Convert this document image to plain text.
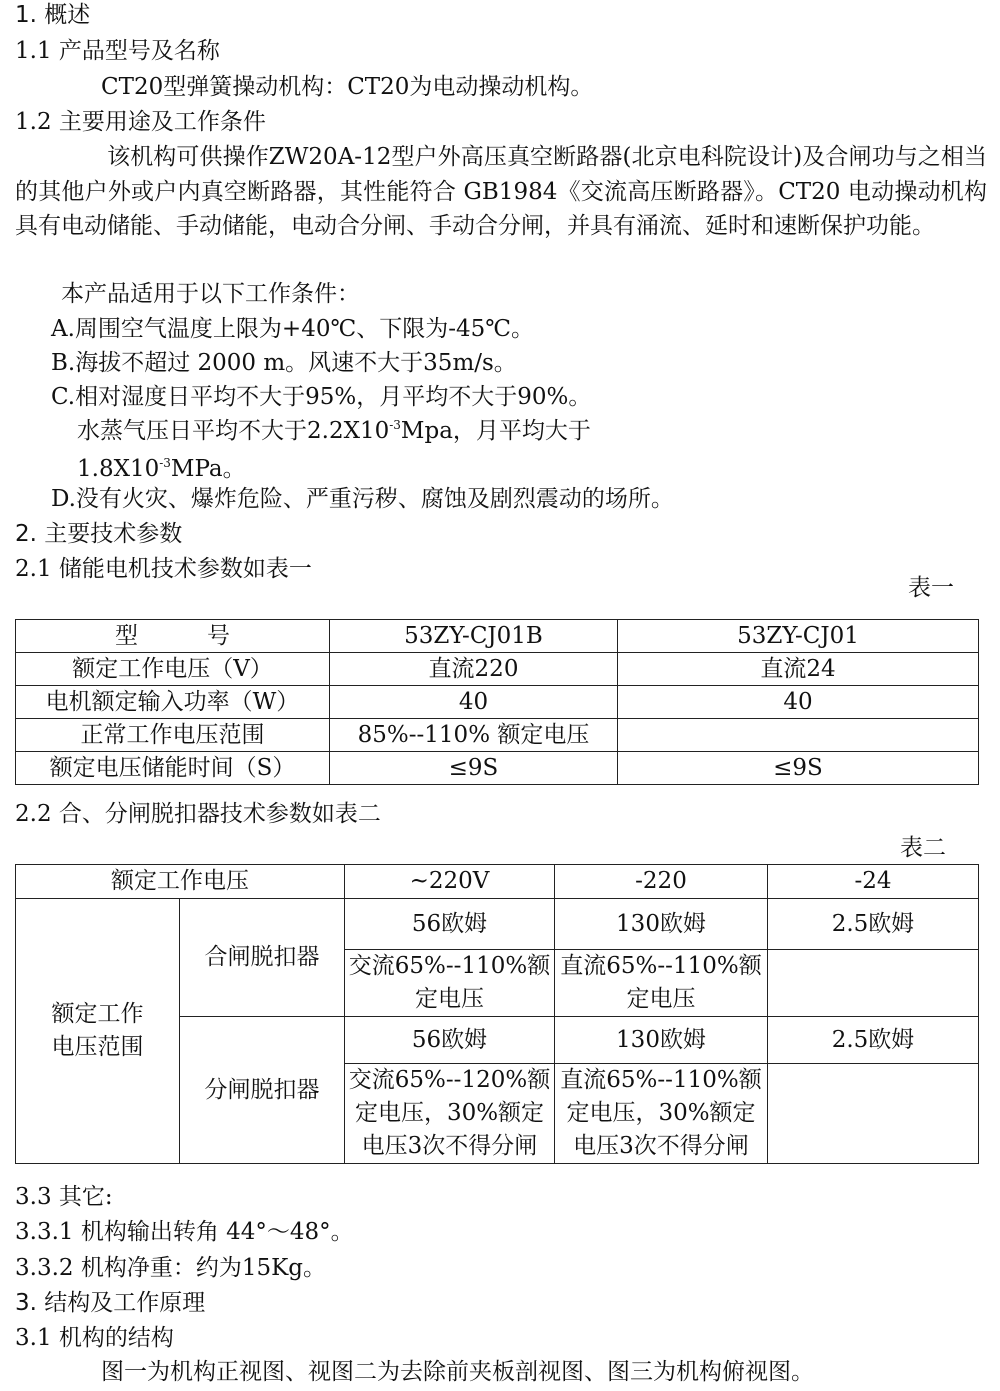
1. 概述
1.1 产品型号及名称
CT20型弹簧操动机构：CT20为电动操动机构。
1.2 主要用途及工作条件
该机构可供操作ZW20A-12型户外高压真空断路器(北京电科院设计)及合闸功与之相当的其他户外或户内真空断路器，其性能符合 GB1984《交流高压断路器》。CT20 电动操动机构具有电动储能、手动储能，电动合分闸、手动合分闸，并具有涌流、延时和速断保护功能。
本产品适用于以下工作条件：
A.周围空气温度上限为+40℃、下限为-45℃。
B.海拔不超过 2000 m。风速不大于35m/s。
C.相对湿度日平均不大于95%，月平均不大于90%。
水蒸气压日平均不大于$2.2X10^{-3}Mpa$，月平均大于
$1.8X10^{-3}MPa$。
D.没有火灾、爆炸危险、严重污秽、腐蚀及剧烈震动的场所。
2. 主要技术参数
2.1 储能电机技术参数如表一
表一
型　　　号	53ZY-CJ01B	53ZY-CJ01
额定工作电压（V）	直流220	直流24
电机额定输入功率（W）	40	40
正常工作电压范围	85%--110% 额定电压	
额定电压储能时间（S）	≤9S	≤9S
2.2 合、分闸脱扣器技术参数如表二
表二
额定工作电压		~220V	-220	-24
额定工作
电压范围	合闸脱扣器	56欧姆	130欧姆	2.5欧姆
		交流65%--110%额定电压	直流65%--110%额定电压	
	分闸脱扣器	56欧姆	130欧姆	2.5欧姆
		交流65%--120%额定电压，30%额定电压3次不得分闸	直流65%--110%额定电压，30%额定电压3次不得分闸	
3.3 其它:
3.3.1 机构输出转角 44°～48°。
3.3.2 机构净重：约为15Kg。
3. 结构及工作原理
3.1 机构的结构
图一为机构正视图、视图二为去除前夹板剖视图、图三为机构俯视图。
